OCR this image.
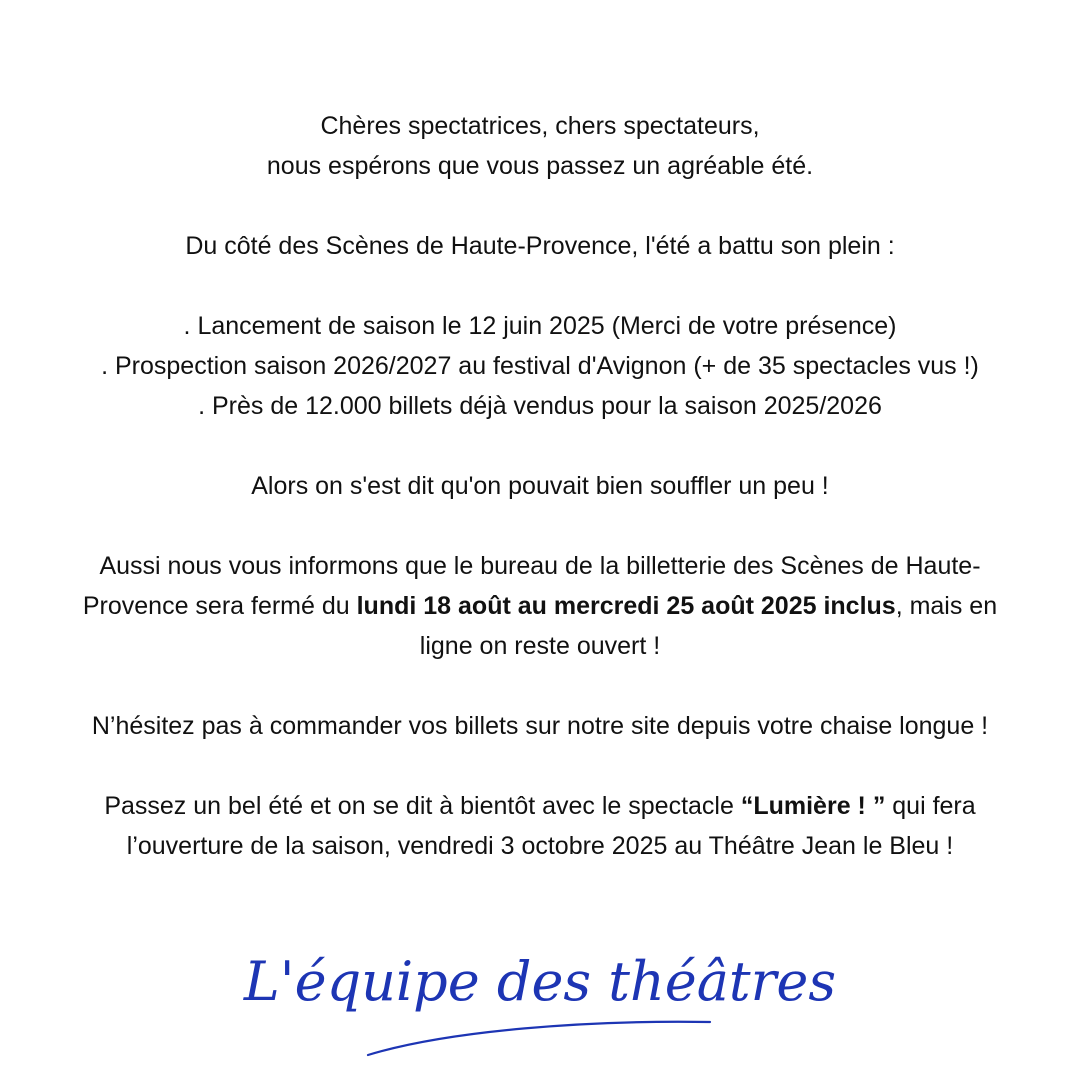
Chères spectatrices, chers spectateurs,
nous espérons que vous passez un agréable été.

Du côté des Scènes de Haute-Provence, l'été a battu son plein :

. Lancement de saison le 12 juin 2025 (Merci de votre présence)
. Prospection saison 2026/2027 au festival d'Avignon (+ de 35 spectacles vus !)
. Près de 12.000 billets déjà vendus pour la saison 2025/2026

Alors on s'est dit qu'on pouvait bien souffler un peu !

Aussi nous vous informons que le bureau de la billetterie des Scènes de Haute-
Provence sera fermé du lundi 18 août au mercredi 25 août 2025 inclus, mais en
ligne on reste ouvert !

N’hésitez pas à commander vos billets sur notre site depuis votre chaise longue !

Passez un bel été et on se dit à bientôt avec le spectacle “Lumière ! ” qui fera
l’ouverture de la saison, vendredi 3 octobre 2025 au Théâtre Jean le Bleu !

L'équipe des théâtres
